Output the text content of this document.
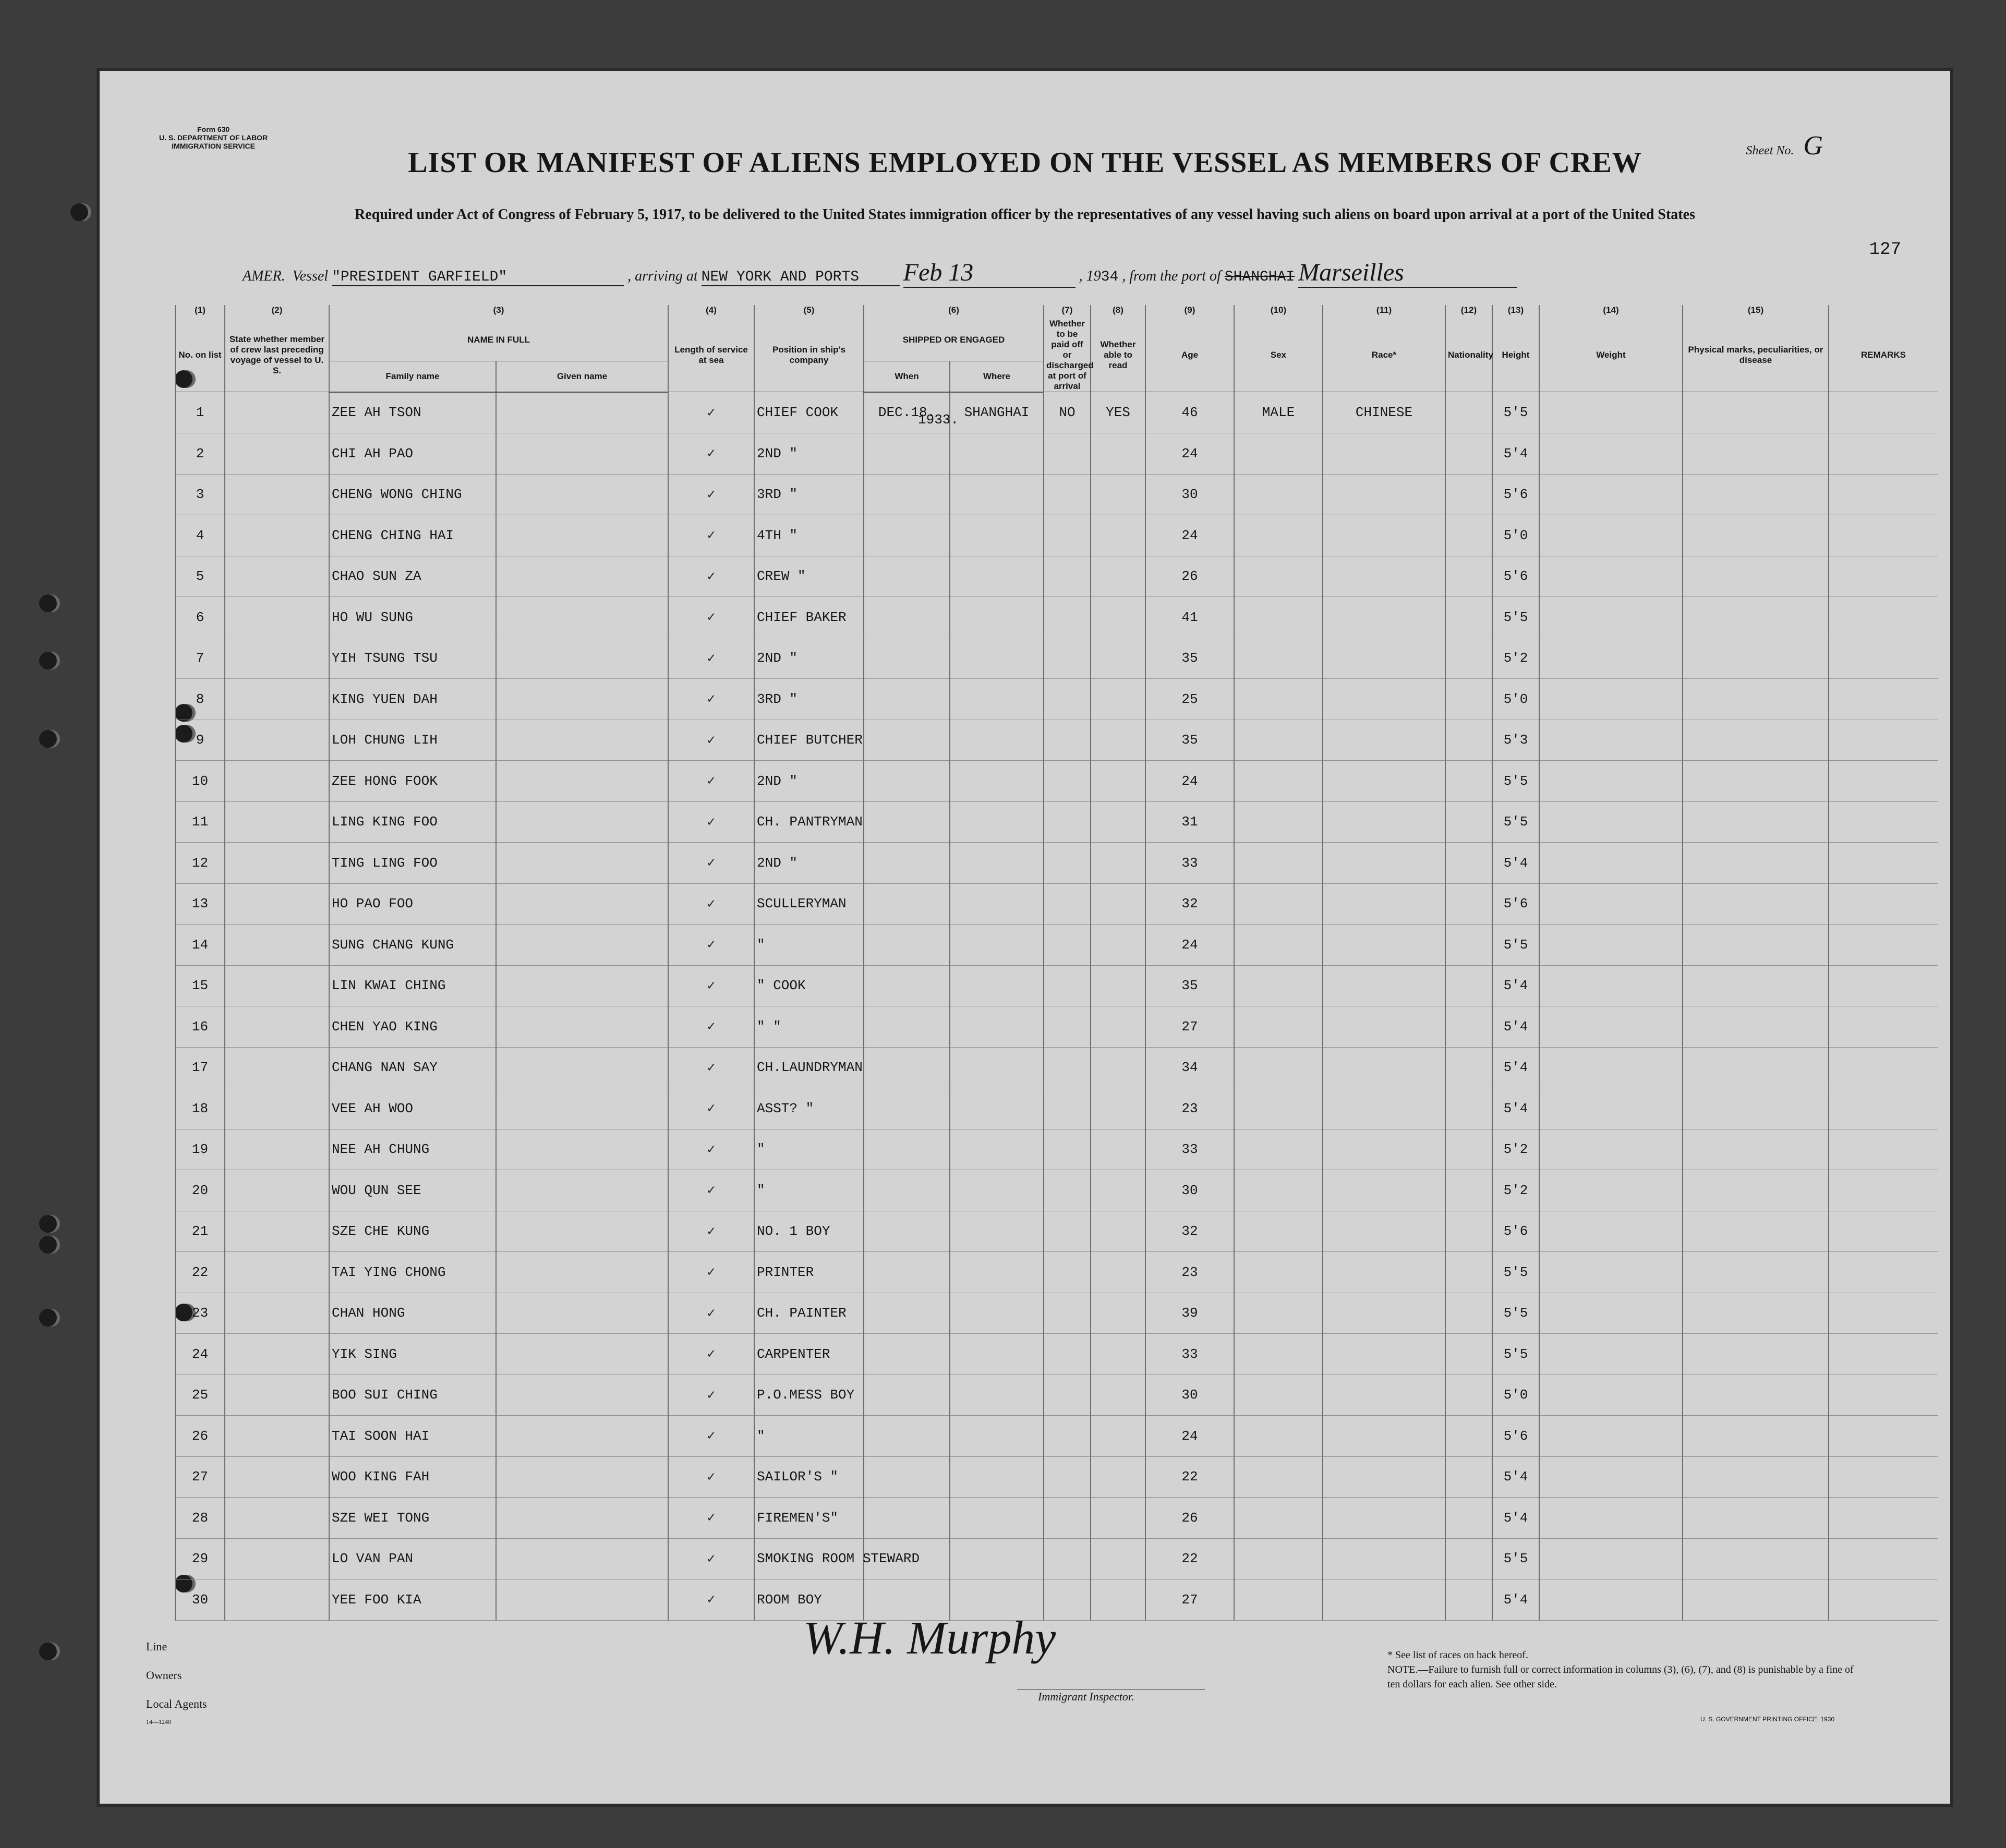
Form 630
U. S. DEPARTMENT OF LABOR
IMMIGRATION SERVICE	Sheet No. G
LIST OR MANIFEST OF ALIENS EMPLOYED ON THE VESSEL AS MEMBERS OF CREW
Required under Act of Congress of February 5, 1917, to be delivered to the United States immigration officer by the representatives of any vessel having such aliens on board upon arrival at a port of the United States
127
AMER. Vessel "PRESIDENT GARFIELD"	, arriving at NEW YORK AND PORTS Feb 13	, 1934 , from the port of SHANGHAI Marseilles
(1)	(2)	(3)		(4)	(5)	(6)		(7)	(8)	(9)	(10)	(11)	(12)	(13)	(14)	(15)	
No. on list	State whether member of crew last preceding voyage of vessel to U. S.	NAME IN FULL		Length of service at sea	Position in ship's company	SHIPPED OR ENGAGED		Whether to be paid off or discharged at port of arrival	Whether able to read	Age	Sex	Race*	Nationality	Height	Weight	Physical marks, peculiarities, or disease	REMARKS
		Family name	Given name			When	Where										
1		ZEE AH TSON		✓	CHIEF COOK	DEC.18.	SHANGHAI	NO	YES	46	MALE	CHINESE		5'5			
2		CHI AH PAO		✓	2ND "					24				5'4			
3		CHENG WONG CHING		✓	3RD "					30				5'6			
4		CHENG CHING HAI		✓	4TH "					24				5'0			
5		CHAO SUN ZA		✓	CREW "					26				5'6			
6		HO WU SUNG		✓	CHIEF BAKER					41				5'5			
7		YIH TSUNG TSU		✓	2ND "					35				5'2			
8		KING YUEN DAH		✓	3RD "					25				5'0			
9		LOH CHUNG LIH		✓	CHIEF BUTCHER					35				5'3			
10		ZEE HONG FOOK		✓	2ND "					24				5'5			
11		LING KING FOO		✓	CH. PANTRYMAN					31				5'5			
12		TING LING FOO		✓	2ND "					33				5'4			
13		HO PAO FOO		✓	SCULLERYMAN					32				5'6			
14		SUNG CHANG KUNG		✓	"					24				5'5			
15		LIN KWAI CHING		✓	" COOK					35				5'4			
16		CHEN YAO KING		✓	" "					27				5'4			
17		CHANG NAN SAY		✓	CH.LAUNDRYMAN					34				5'4			
18		VEE AH WOO		✓	ASST? "					23				5'4			
19		NEE AH CHUNG		✓	"					33				5'2			
20		WOU QUN SEE		✓	"					30				5'2			
21		SZE CHE KUNG		✓	NO. 1 BOY					32				5'6			
22		TAI YING CHONG		✓	PRINTER					23				5'5			
23		CHAN HONG		✓	CH. PAINTER					39				5'5			
24		YIK SING		✓	CARPENTER					33				5'5			
25		BOO SUI CHING		✓	P.O.MESS BOY					30				5'0			
26		TAI SOON HAI		✓	"					24				5'6			
27		WOO KING FAH		✓	SAILOR'S "					22				5'4			
28		SZE WEI TONG		✓	FIREMEN'S"					26				5'4			
29		LO VAN PAN		✓	SMOKING ROOM STEWARD					22				5'5			
30		YEE FOO KIA		✓	ROOM BOY					27				5'4			
1933.
Line
Owners
Local Agents
14—1240
W.H. Murphy
Immigrant Inspector.
* See list of races on back hereof.
NOTE.—Failure to furnish full or correct information in columns (3), (6), (7), and (8) is punishable by a fine of ten dollars for each alien. See other side.
U. S. GOVERNMENT PRINTING OFFICE: 1930
